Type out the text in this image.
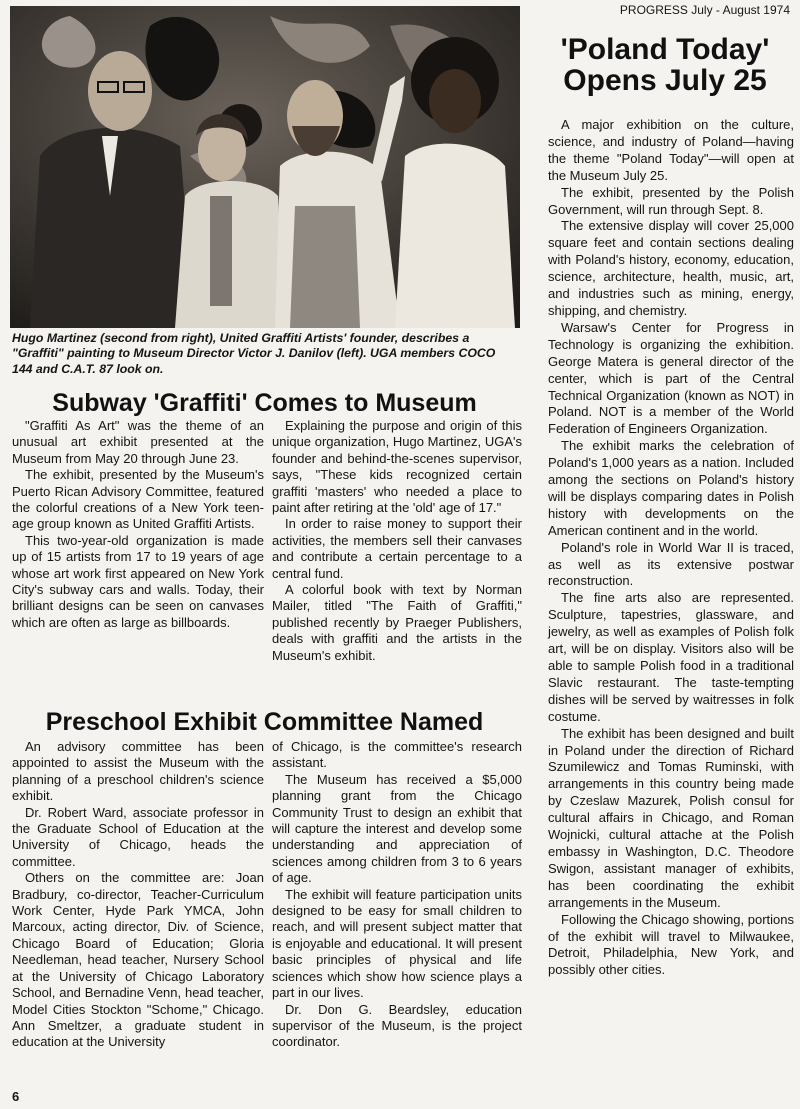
PROGRESS July - August 1974
Hugo Martinez (second from right), United Graffiti Artists' founder, describes a "Graffiti" painting to Museum Director Victor J. Danilov (left). UGA members COCO 144 and C.A.T. 87 look on.
'Poland Today'
Opens July 25

A major exhibition on the culture, science, and industry of Poland—having the theme "Poland Today"—will open at the Museum July 25.

The exhibit, presented by the Polish Government, will run through Sept. 8.

The extensive display will cover 25,000 square feet and contain sections dealing with Poland's history, economy, education, science, architecture, health, music, art, and industries such as mining, energy, shipping, and chemistry.

Warsaw's Center for Progress in Technology is organizing the exhibition. George Matera is general director of the center, which is part of the Central Technical Organization (known as NOT) in Poland. NOT is a member of the World Federation of Engineers Organization.

The exhibit marks the celebration of Poland's 1,000 years as a nation. Included among the sections on Poland's history will be displays comparing dates in Polish history with developments on the American continent and in the world.

Poland's role in World War II is traced, as well as its extensive postwar reconstruction.

The fine arts also are represented. Sculpture, tapestries, glassware, and jewelry, as well as examples of Polish folk art, will be on display. Visitors also will be able to sample Polish food in a traditional Slavic restaurant. The taste-tempting dishes will be served by waitresses in folk costume.

The exhibit has been designed and built in Poland under the direction of Richard Szumilewicz and Tomas Ruminski, with arrangements in this country being made by Czeslaw Mazurek, Polish consul for cultural affairs in Chicago, and Roman Wojnicki, cultural attache at the Polish embassy in Washington, D.C. Theodore Swigon, assistant manager of exhibits, has been coordinating the exhibit arrangements in the Museum.

Following the Chicago showing, portions of the exhibit will travel to Milwaukee, Detroit, Philadelphia, New York, and possibly other cities.

Subway 'Graffiti' Comes to Museum

"Graffiti As Art" was the theme of an unusual art exhibit presented at the Museum from May 20 through June 23.

The exhibit, presented by the Museum's Puerto Rican Advisory Committee, featured the colorful creations of a New York teen-age group known as United Graffiti Artists.

This two-year-old organization is made up of 15 artists from 17 to 19 years of age whose art work first appeared on New York City's subway cars and walls. Today, their brilliant designs can be seen on canvases which are often as large as billboards.

Explaining the purpose and origin of this unique organization, Hugo Martinez, UGA's founder and behind-the-scenes supervisor, says, "These kids recognized certain graffiti 'masters' who needed a place to paint after retiring at the 'old' age of 17."

In order to raise money to support their activities, the members sell their canvases and contribute a certain percentage to a central fund.

A colorful book with text by Norman Mailer, titled "The Faith of Graffiti," published recently by Praeger Publishers, deals with graffiti and the artists in the Museum's exhibit.

Preschool Exhibit Committee Named

An advisory committee has been appointed to assist the Museum with the planning of a preschool children's science exhibit.

Dr. Robert Ward, associate professor in the Graduate School of Education at the University of Chicago, heads the committee.

Others on the committee are: Joan Bradbury, co-director, Teacher-Curriculum Work Center, Hyde Park YMCA, John Marcoux, acting director, Div. of Science, Chicago Board of Education; Gloria Needleman, head teacher, Nursery School at the University of Chicago Laboratory School, and Bernadine Venn, head teacher, Model Cities Stockton "Schome," Chicago. Ann Smeltzer, a graduate student in education at the University

of Chicago, is the committee's research assistant.

The Museum has received a $5,000 planning grant from the Chicago Community Trust to design an exhibit that will capture the interest and develop some understanding and appreciation of sciences among children from 3 to 6 years of age.

The exhibit will feature participation units designed to be easy for small children to reach, and will present subject matter that is enjoyable and educational. It will present basic principles of physical and life sciences which show how science plays a part in our lives.

Dr. Don G. Beardsley, education supervisor of the Museum, is the project coordinator.

6
